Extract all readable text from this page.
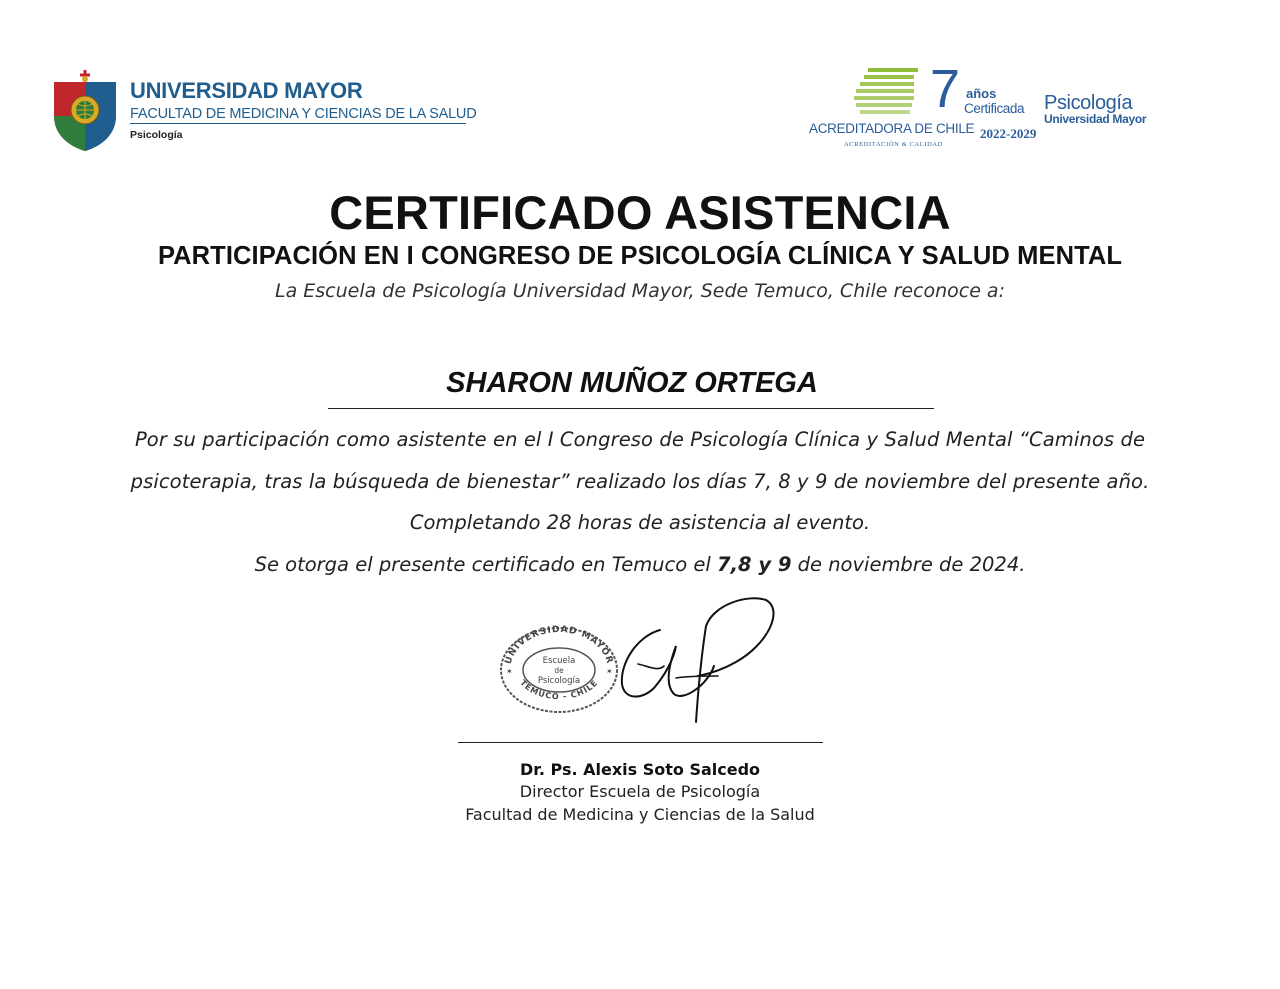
UNIVERSIDAD MAYOR
FACULTAD DE MEDICINA Y CIENCIAS DE LA SALUD
Psicología	ACREDITADORA DE CHILE
ACREDITACIÓN & CALIDAD
7 años
Certificada
2022-2029
Psicología
Universidad Mayor
CERTIFICADO ASISTENCIA
PARTICIPACIÓN EN I CONGRESO DE PSICOLOGÍA CLÍNICA Y SALUD MENTAL
La Escuela de Psicología Universidad Mayor, Sede Temuco, Chile reconoce a:
SHARON MUÑOZ ORTEGA
Por su participación como asistente en el I Congreso de Psicología Clínica y Salud Mental “Caminos de
psicoterapia, tras la búsqueda de bienestar” realizado los días 7, 8 y 9 de noviembre del presente año.
Completando 28 horas de asistencia al evento.
Se otorga el presente certificado en Temuco el 7,8 y 9 de noviembre de 2024.
UNIVERSIDAD MAYOR
TEMUCO - CHILE
Escuela
de
Psicología
✶	✶
Dr. Ps. Alexis Soto Salcedo
Director Escuela de Psicología
Facultad de Medicina y Ciencias de la Salud
